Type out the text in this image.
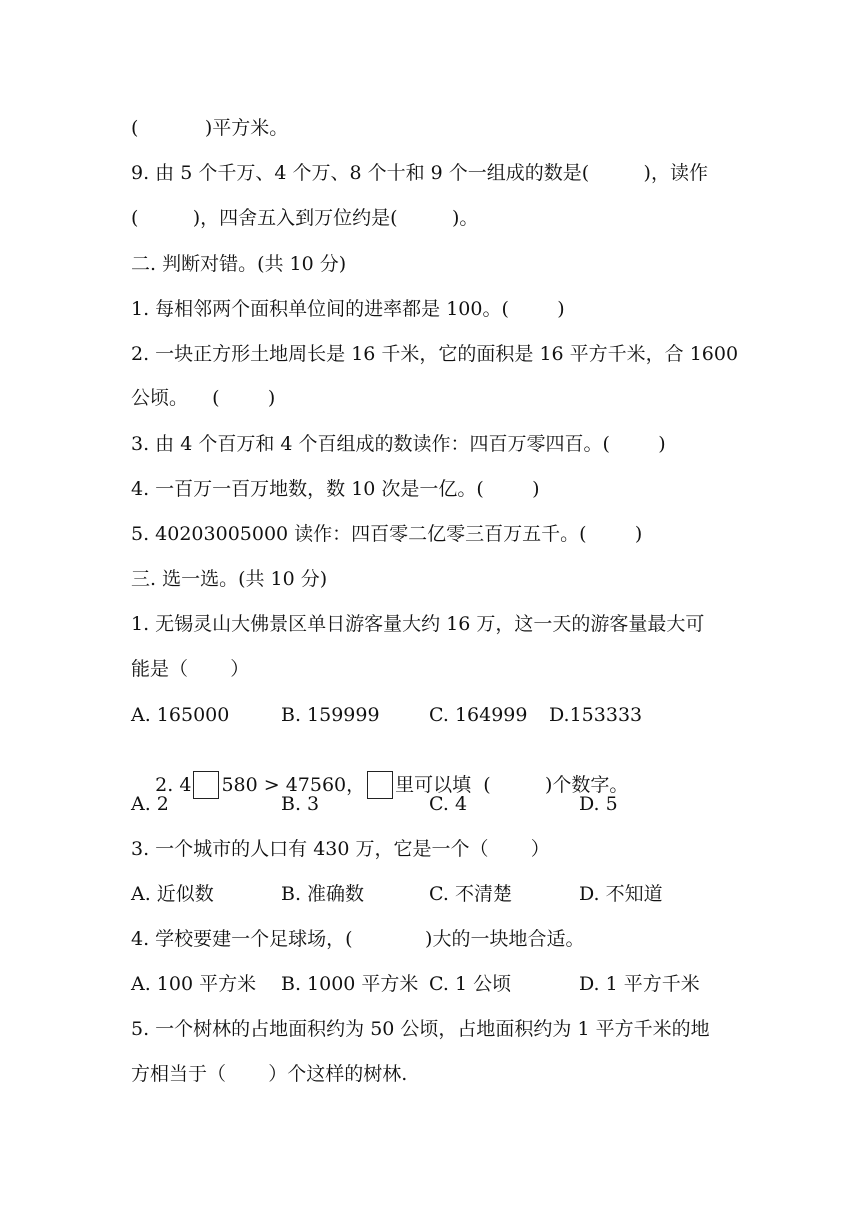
(           )平方米。
9. 由 5 个千万、4 个万、8 个十和 9 个一组成的数是(         )，读作
(         )，四舍五入到万位约是(         )。
二. 判断对错。(共 10 分)
1. 每相邻两个面积单位间的进率都是 100。(        )
2. 一块正方形土地周长是 16 千米，它的面积是 16 平方千米，合 1600
公顷。    (        )
3. 由 4 个百万和 4 个百组成的数读作：四百万零四百。(        )
4. 一百万一百万地数，数 10 次是一亿。(        )
5. 40203005000 读作：四百零二亿零三百万五千。(        )
三. 选一选。(共 10 分)
1. 无锡灵山大佛景区单日游客量大约 16 万，这一天的游客量最大可
能是（       ）
A. 165000	B. 159999	C. 164999 D.153333

2. 4 580 > 47560， 里可以填  (         )个数字。

A. 2	B. 3	C. 4	D. 5
3. 一个城市的人口有 430 万，它是一个（       ）
A. 近似数	B. 准确数	C. 不清楚	D. 不知道
4. 学校要建一个足球场，(            )大的一块地合适。
A. 100 平方米 B. 1000 平方米 C. 1 公顷	D. 1 平方千米
5. 一个树林的占地面积约为 50 公顷，占地面积约为 1 平方千米的地
方相当于（       ）个这样的树林.
